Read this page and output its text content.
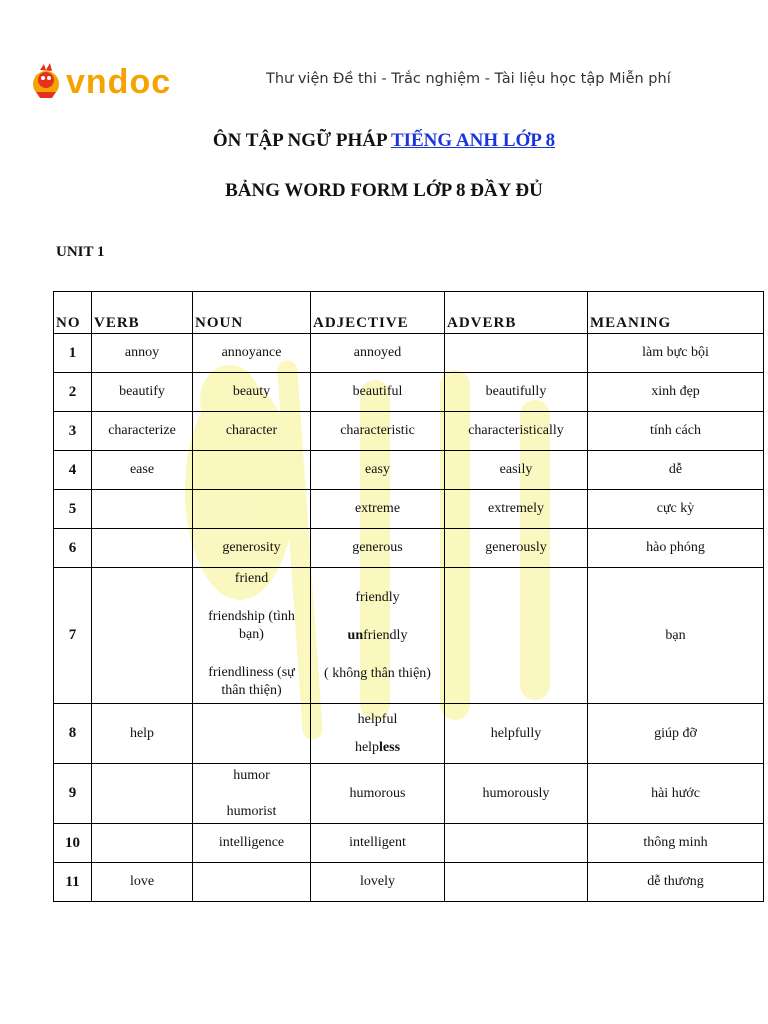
vndoc	Thư viện Đề thi - Trắc nghiệm - Tài liệu học tập Miễn phí
ÔN TẬP NGỮ PHÁP TIẾNG ANH LỚP 8
BẢNG WORD FORM LỚP 8 ĐẦY ĐỦ
UNIT 1
NO	VERB	NOUN	ADJECTIVE	ADVERB	MEANING
1	annoy	annoyance	annoyed		làm bực bội
2	beautify	beauty	beautiful	beautifully	xinh đẹp
3	characterize	character	characteristic	characteristically	tính cách
4	ease		easy	easily	dễ
5			extreme	extremely	cực kỳ
6		generosity	generous	generously	hào phóng
7		friend
friendship (tình
bạn)
friendliness (sự
thân thiện)	friendly
unfriendly
( không thân thiện)		bạn
8	help		helpful
helpless	helpfully	giúp đỡ
9		humor
humorist	humorous	humorously	hài hước
10		intelligence	intelligent		thông minh
11	love		lovely		dễ thương
